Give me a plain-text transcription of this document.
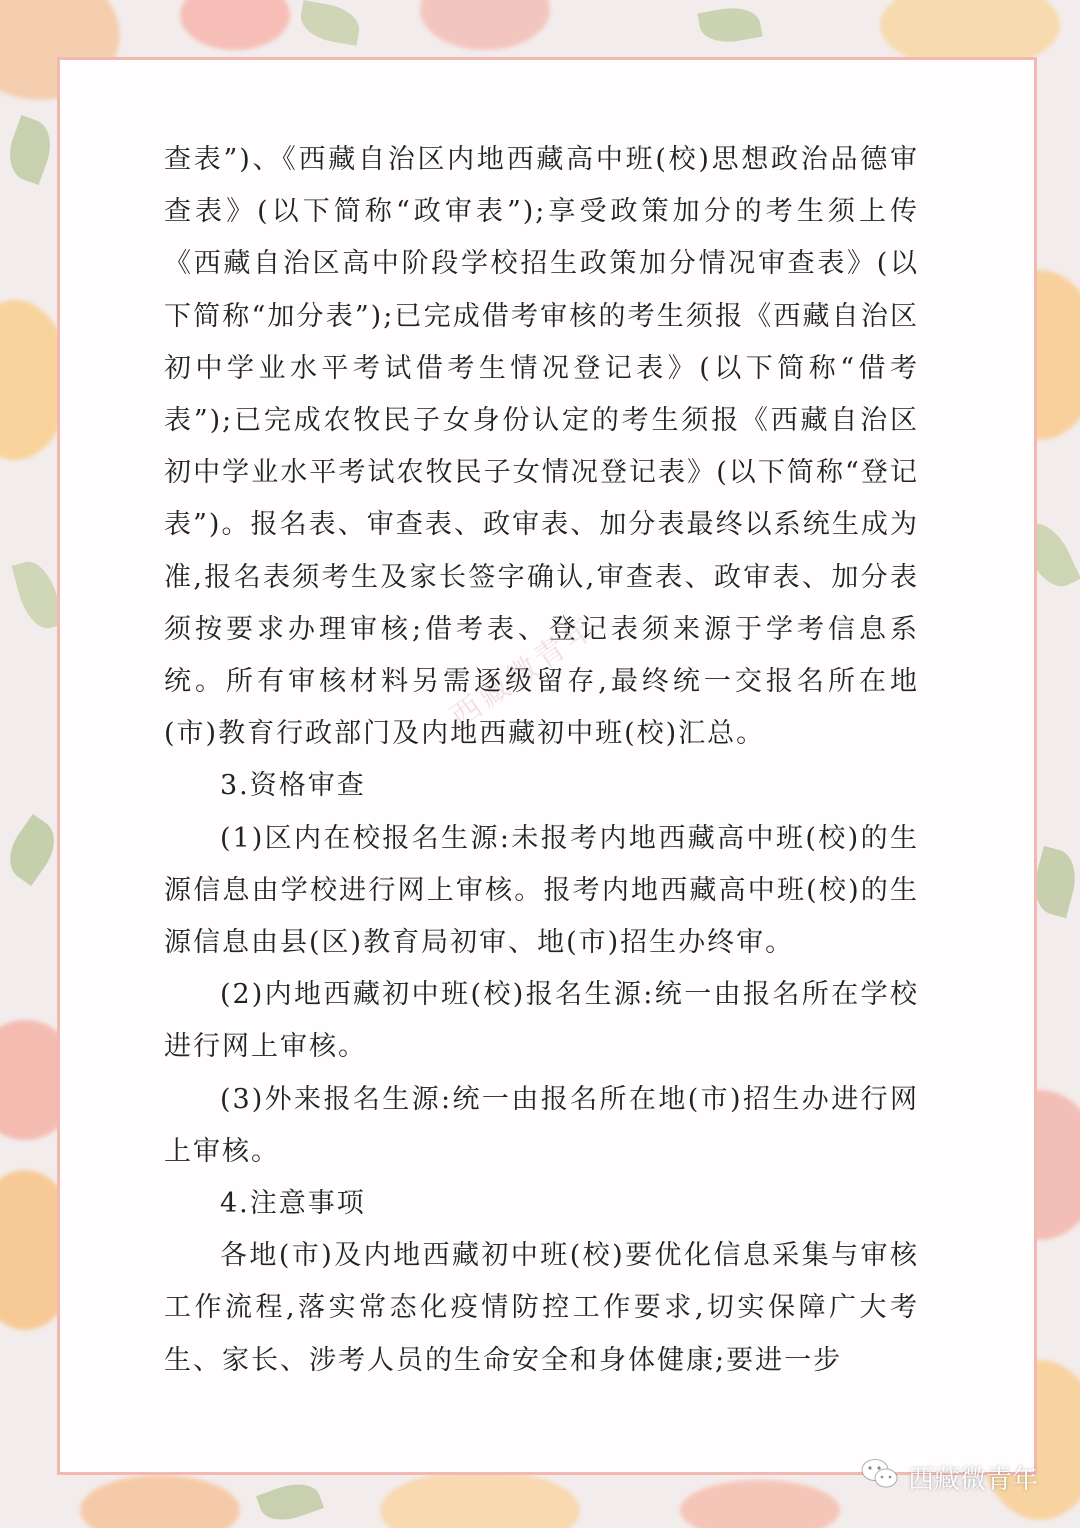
西藏微青年

查表”)、《西藏自治区内地西藏高中班(校)思想政治品德审查表》(以下简称“政审表”);享受政策加分的考生须上传《西藏自治区高中阶段学校招生政策加分情况审查表》(以下简称“加分表”);已完成借考审核的考生须报《西藏自治区初中学业水平考试借考生情况登记表》(以下简称“借考表”);已完成农牧民子女身份认定的考生须报《西藏自治区初中学业水平考试农牧民子女情况登记表》(以下简称“登记表”)。报名表、审查表、政审表、加分表最终以系统生成为准,报名表须考生及家长签字确认,审查表、政审表、加分表须按要求办理审核;借考表、登记表须来源于学考信息系统。所有审核材料另需逐级留存,最终统一交报名所在地(市)教育行政部门及内地西藏初中班(校)汇总。

3.资格审查

(1)区内在校报名生源:未报考内地西藏高中班(校)的生源信息由学校进行网上审核。报考内地西藏高中班(校)的生源信息由县(区)教育局初审、地(市)招生办终审。

(2)内地西藏初中班(校)报名生源:统一由报名所在学校进行网上审核。

(3)外来报名生源:统一由报名所在地(市)招生办进行网上审核。

4.注意事项

各地(市)及内地西藏初中班(校)要优化信息采集与审核工作流程,落实常态化疫情防控工作要求,切实保障广大考生、家长、涉考人员的生命安全和身体健康;要进一步

西藏微青年
